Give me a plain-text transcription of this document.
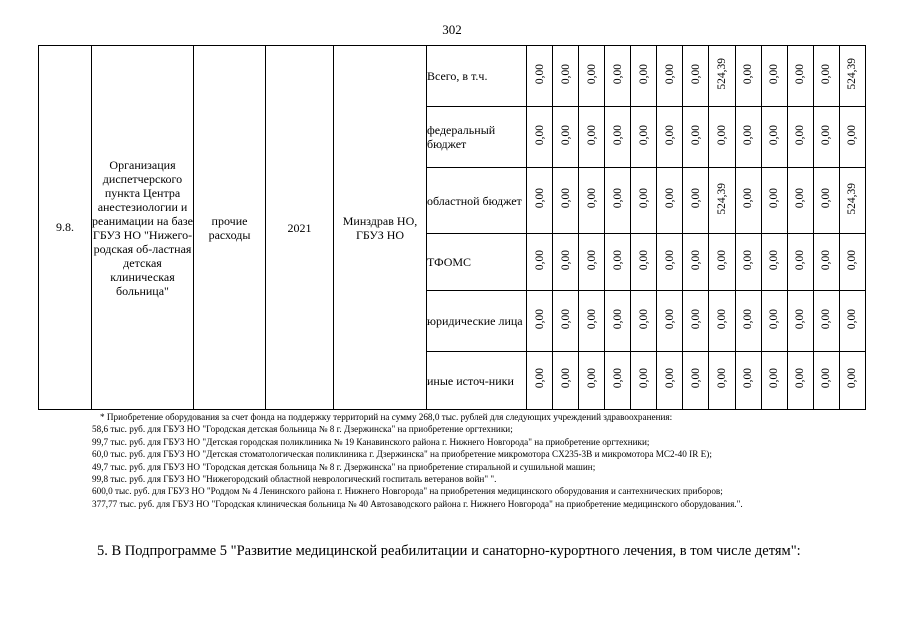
302
9.8.	Организация диспетчерского пункта Центра анестезиологии и реанимации на базе ГБУЗ НО "Нижего-родская об-ластная детская клиническая больница"	прочие расходы	2021	Минздрав НО, ГБУЗ НО	Всего, в т.ч.	0,00	0,00	0,00	0,00	0,00	0,00	0,00	524,39	0,00	0,00	0,00	0,00	524,39
					федеральный бюджет	0,00	0,00	0,00	0,00	0,00	0,00	0,00	0,00	0,00	0,00	0,00	0,00	0,00
					областной бюджет	0,00	0,00	0,00	0,00	0,00	0,00	0,00	524,39	0,00	0,00	0,00	0,00	524,39
					ТФОМС	0,00	0,00	0,00	0,00	0,00	0,00	0,00	0,00	0,00	0,00	0,00	0,00	0,00
					юридические лица	0,00	0,00	0,00	0,00	0,00	0,00	0,00	0,00	0,00	0,00	0,00	0,00	0,00
					иные источ-ники	0,00	0,00	0,00	0,00	0,00	0,00	0,00	0,00	0,00	0,00	0,00	0,00	0,00
* Приобретение оборудования за счет фонда на поддержку территорий на сумму 268,0 тыс. рублей для следующих учреждений здравоохранения:
58,6 тыс. руб. для ГБУЗ НО "Городская детская больница № 8 г. Дзержинска" на приобретение оргтехники;
99,7 тыс. руб. для ГБУЗ НО "Детская городская поликлиника № 19 Канавинского района г. Нижнего Новгорода" на приобретение оргтехники;
60,0 тыс. руб. для ГБУЗ НО "Детская стоматологическая поликлиника г. Дзержинска" на приобретение микромотора CX235-3В и микромотора MC2-40 IR E);
49,7 тыс. руб. для ГБУЗ НО "Городская детская больница № 8 г. Дзержинска" на приобретение стиральной и сушильной машин;
99,8 тыс. руб. для ГБУЗ НО "Нижегородский областной неврологический госпиталь ветеранов войн" ".
600,0 тыс. руб. для ГБУЗ НО "Роддом № 4 Ленинского района г. Нижнего Новгорода" на приобретения медицинского оборудования и сантехнических приборов;
377,77 тыс. руб. для ГБУЗ НО "Городская клиническая больница № 40 Автозаводского района г. Нижнего Новгорода" на приобретение медицинского оборудования.".
5. В Подпрограмме 5 "Развитие медицинской реабилитации и санаторно-курортного лечения, в том числе детям":
